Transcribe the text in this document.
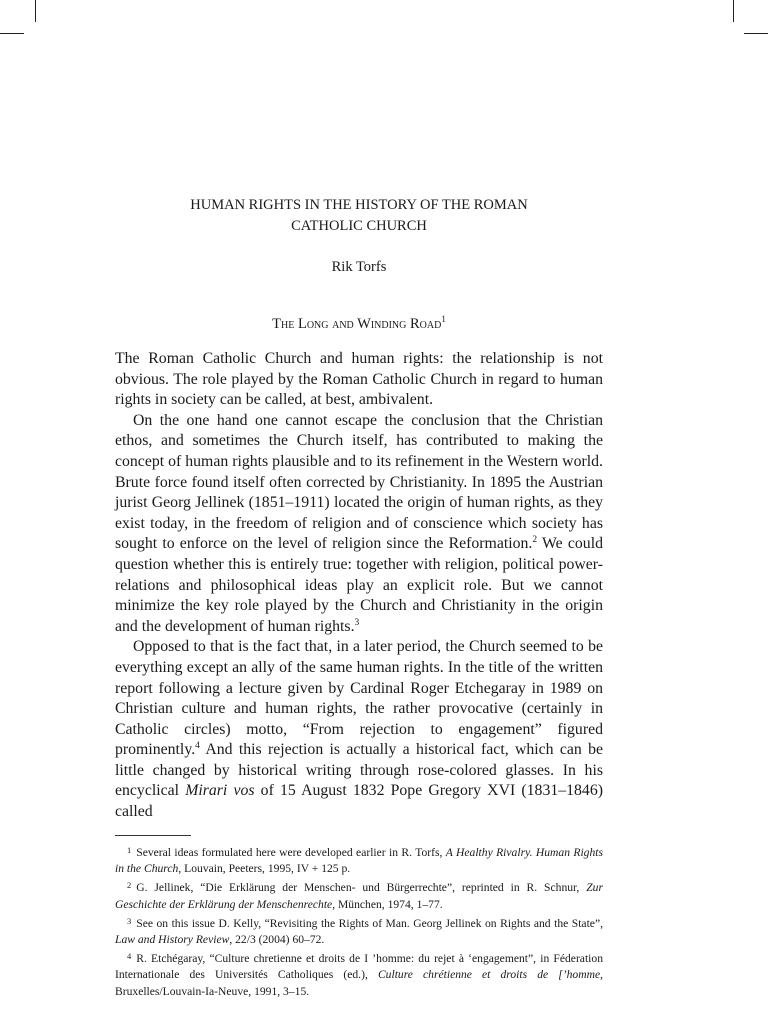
HUMAN RIGHTS IN THE HISTORY OF THE ROMAN
CATHOLIC CHURCH
Rik Torfs
The Long and Winding Road$^1$

The Roman Catholic Church and human rights: the relationship is not obvious. The role played by the Roman Catholic Church in regard to human rights in society can be called, at best, ambivalent.

On the one hand one cannot escape the conclusion that the Christian ethos, and sometimes the Church itself, has contributed to making the concept of human rights plausible and to its refinement in the Western world. Brute force found itself often corrected by Christianity. In 1895 the Austrian jurist Georg Jellinek (1851–1911) located the origin of human rights, as they exist today, in the freedom of religion and of conscience which society has sought to enforce on the level of religion since the Reformation.$^2$ We could question whether this is entirely true: together with religion, political power-relations and philosophical ideas play an explicit role. But we cannot minimize the key role played by the Church and Christianity in the origin and the development of human rights.$^3$

Opposed to that is the fact that, in a later period, the Church seemed to be everything except an ally of the same human rights. In the title of the written report following a lecture given by Cardinal Roger Etchegaray in 1989 on Christian culture and human rights, the rather provocative (certainly in Catholic circles) motto, “From rejection to engagement” figured prominently.$^4$ And this rejection is actually a historical fact, which can be little changed by historical writing through rose-colored glasses. In his encyclical Mirari vos of 15 August 1832 Pope Gregory XVI (1831–1846) called

$^1$ Several ideas formulated here were developed earlier in R. Torfs, A Healthy Rivalry. Human Rights in the Church, Louvain, Peeters, 1995, IV + 125 p.

$^2$ G. Jellinek, “Die Erklärung der Menschen- und Bürgerrechte”, reprinted in R. Schnur, Zur Geschichte der Erklärung der Menschenrechte, München, 1974, 1–77.

$^3$ See on this issue D. Kelly, “Revisiting the Rights of Man. Georg Jellinek on Rights and the State”, Law and History Review, 22/3 (2004) 60–72.

$^4$ R. Etchégaray, “Culture chretienne et droits de I ’homme: du rejet à ‘engagement”, in Féderation Internationale des Universités Catholiques (ed.), Culture chrétienne et droits de [’homme, Bruxelles/Louvain-Ia-Neuve, 1991, 3–15.
